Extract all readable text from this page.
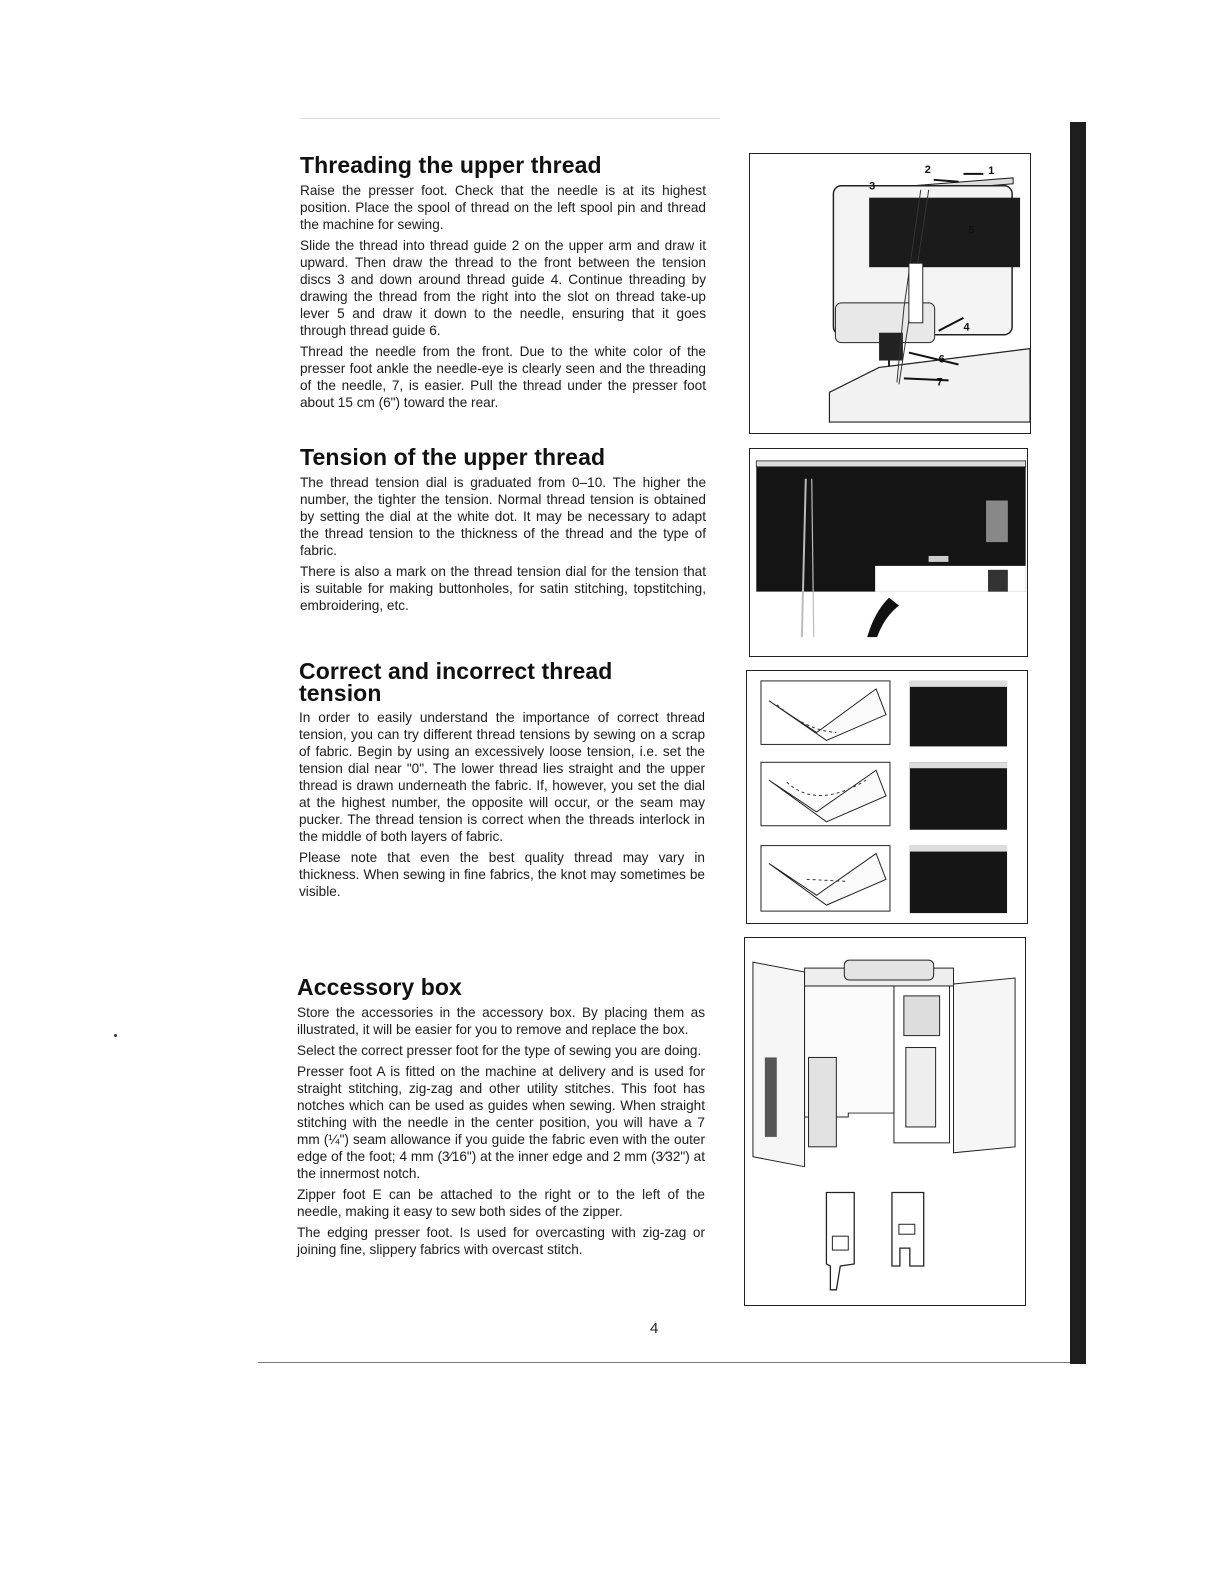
Threading the upper thread

Raise the presser foot. Check that the needle is at its highest position. Place the spool of thread on the left spool pin and thread the machine for sewing.

Slide the thread into thread guide 2 on the upper arm and draw it upward. Then draw the thread to the front between the tension discs 3 and down around thread guide 4. Continue threading by drawing the thread from the right into the slot on thread take-up lever 5 and draw it down to the needle, ensuring that it goes through thread guide 6.

Thread the needle from the front. Due to the white color of the presser foot ankle the needle-eye is clearly seen and the threading of the needle, 7, is easier. Pull the thread under the presser foot about 15 cm (6") toward the rear.

Tension of the upper thread

The thread tension dial is graduated from 0–10. The higher the number, the tighter the tension. Normal thread tension is obtained by setting the dial at the white dot. It may be necessary to adapt the thread tension to the thickness of the thread and the type of fabric.

There is also a mark on the thread tension dial for the tension that is suitable for making buttonholes, for satin stitching, topstitching, embroidering, etc.

Correct and incorrect thread tension

In order to easily understand the importance of correct thread tension, you can try different thread tensions by sewing on a scrap of fabric. Begin by using an excessively loose tension, i.e. set the tension dial near "0". The lower thread lies straight and the upper thread is drawn underneath the fabric. If, however, you set the dial at the highest number, the opposite will occur, or the seam may pucker. The thread tension is correct when the threads interlock in the middle of both layers of fabric.

Please note that even the best quality thread may vary in thickness. When sewing in fine fabrics, the knot may sometimes be visible.

Accessory box

Store the accessories in the accessory box. By placing them as illustrated, it will be easier for you to remove and replace the box.

Select the correct presser foot for the type of sewing you are doing.

Presser foot A is fitted on the machine at delivery and is used for straight stitching, zig-zag and other utility stitches. This foot has notches which can be used as guides when sewing. When straight stitching with the needle in the center position, you will have a 7 mm (¼") seam allowance if you guide the fabric even with the outer edge of the foot; 4 mm (3⁄16") at the inner edge and 2 mm (3⁄32") at the innermost notch.

Zipper foot E can be attached to the right or to the left of the needle, making it easy to sew both sides of the zipper.

The edging presser foot. Is used for overcasting with zig-zag or joining fine, slippery fabrics with overcast stitch.

4
2	1
3
5
4
6
7
